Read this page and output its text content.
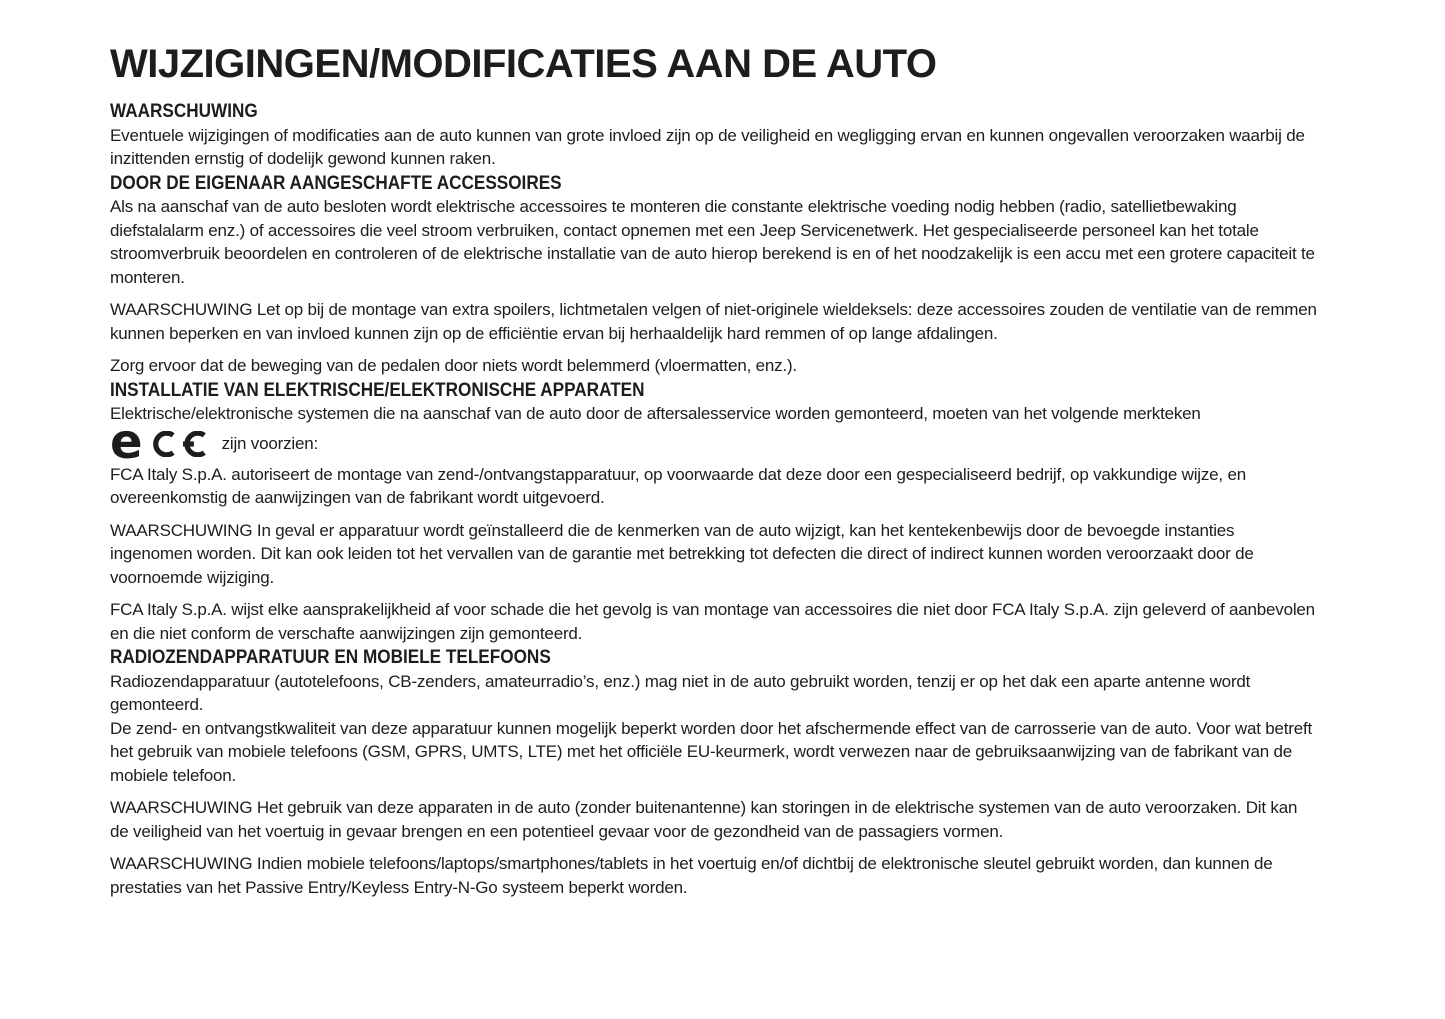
WIJZIGINGEN/MODIFICATIES AAN DE AUTO
WAARSCHUWING

Eventuele wijzigingen of modificaties aan de auto kunnen van grote invloed zijn op de veiligheid en wegligging ervan en kunnen ongevallen veroorzaken waarbij de inzittenden ernstig of dodelijk gewond kunnen raken.

DOOR DE EIGENAAR AANGESCHAFTE ACCESSOIRES

Als na aanschaf van de auto besloten wordt elektrische accessoires te monteren die constante elektrische voeding nodig hebben (radio, satellietbewaking diefstalalarm enz.) of accessoires die veel stroom verbruiken, contact opnemen met een Jeep Servicenetwerk. Het gespecialiseerde personeel kan het totale stroomverbruik beoordelen en controleren of de elektrische installatie van de auto hierop berekend is en of het noodzakelijk is een accu met een grotere capaciteit te monteren.

WAARSCHUWING Let op bij de montage van extra spoilers, lichtmetalen velgen of niet-originele wieldeksels: deze accessoires zouden de ventilatie van de remmen kunnen beperken en van invloed kunnen zijn op de efficiëntie ervan bij herhaaldelijk hard remmen of op lange afdalingen.

Zorg ervoor dat de beweging van de pedalen door niets wordt belemmerd (vloermatten, enz.).

INSTALLATIE VAN ELEKTRISCHE/ELEKTRONISCHE APPARATEN

Elektrische/elektronische systemen die na aanschaf van de auto door de aftersalesservice worden gemonteerd, moeten van het volgende merkteken

e	zijn voorzien:

FCA Italy S.p.A. autoriseert de montage van zend-/ontvangstapparatuur, op voorwaarde dat deze door een gespecialiseerd bedrijf, op vakkundige wijze, en overeenkomstig de aanwijzingen van de fabrikant wordt uitgevoerd.

WAARSCHUWING In geval er apparatuur wordt geïnstalleerd die de kenmerken van de auto wijzigt, kan het kentekenbewijs door de bevoegde instanties ingenomen worden. Dit kan ook leiden tot het vervallen van de garantie met betrekking tot defecten die direct of indirect kunnen worden veroorzaakt door de voornoemde wijziging.

FCA Italy S.p.A. wijst elke aansprakelijkheid af voor schade die het gevolg is van montage van accessoires die niet door FCA Italy S.p.A. zijn geleverd of aanbevolen en die niet conform de verschafte aanwijzingen zijn gemonteerd.

RADIOZENDAPPARATUUR EN MOBIELE TELEFOONS

Radiozendapparatuur (autotelefoons, CB-zenders, amateurradio’s, enz.) mag niet in de auto gebruikt worden, tenzij er op het dak een aparte antenne wordt gemonteerd.

De zend- en ontvangstkwaliteit van deze apparatuur kunnen mogelijk beperkt worden door het afschermende effect van de carrosserie van de auto. Voor wat betreft het gebruik van mobiele telefoons (GSM, GPRS, UMTS, LTE) met het officiële EU-keurmerk, wordt verwezen naar de gebruiksaanwijzing van de fabrikant van de mobiele telefoon.

WAARSCHUWING Het gebruik van deze apparaten in de auto (zonder buitenantenne) kan storingen in de elektrische systemen van de auto veroorzaken. Dit kan de veiligheid van het voertuig in gevaar brengen en een potentieel gevaar voor de gezondheid van de passagiers vormen.

WAARSCHUWING Indien mobiele telefoons/laptops/smartphones/tablets in het voertuig en/of dichtbij de elektronische sleutel gebruikt worden, dan kunnen de prestaties van het Passive Entry/Keyless Entry-N-Go systeem beperkt worden.
